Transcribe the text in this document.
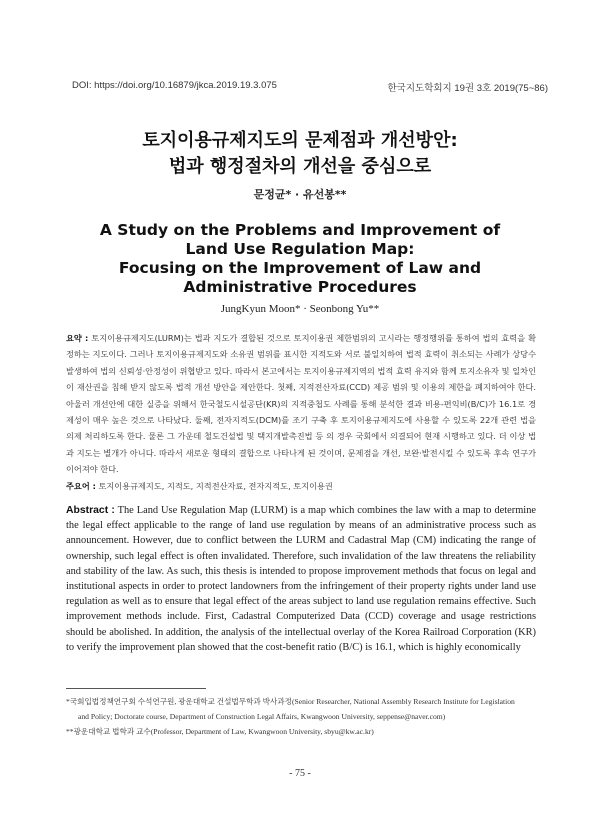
DOI: https://doi.org/10.16879/jkca.2019.19.3.075	한국지도학회지 19권 3호 2019(75~86)
토지이용규제지도의 문제점과 개선방안:
법과 행정절차의 개선을 중심으로
문정균* · 유선봉**
A Study on the Problems and Improvement of
Land Use Regulation Map:
Focusing on the Improvement of Law and
Administrative Procedures
JungKyun Moon* · Seonbong Yu**
요약 : 토지이용규제지도(LURM)는 법과 지도가 결합된 것으로 토지이용권 제한범위의 고시라는 행정행위를 통하여 법의 효력을 확정하는 지도이다. 그러나 토지이용규제지도와 소유권 범위를 표시한 지적도와 서로 불일치하여 법적 효력이 취소되는 사례가 상당수 발생하여 법의 신뢰성·안정성이 위협받고 있다. 따라서 본고에서는 토지이용규제지역의 법적 효력 유지와 함께 토지소유자 및 일차인이 재산권을 침해 받지 않도록 법적 개선 방안을 제안한다. 첫째, 지적전산자료(CCD) 제공 범위 및 이용의 제한을 폐지하여야 한다. 아울러 개선안에 대한 실증을 위해서 한국철도시설공단(KR)의 지적중첩도 사례를 통해 분석한 결과 비용-편익비(B/C)가 16.1로 경제성이 매우 높은 것으로 나타났다. 둘째, 전자지적도(DCM)를 조기 구축 후 토지이용규제지도에 사용할 수 있도록 22개 관련 법을 의제 처리하도록 한다. 물론 그 가운데 철도건설법 및 택지개발촉진법 등 의 경우 국회에서 의결되어 현재 시행하고 있다. 더 이상 법과 지도는 별개가 아니다. 따라서 새로운 형태의 결합으로 나타나게 된 것이며, 문제점을 개선, 보완·발전시킬 수 있도록 후속 연구가 이어져야 한다.
주요어 : 토지이용규제지도, 지적도, 지적전산자료, 전자지적도, 토지이용권
Abstract : The Land Use Regulation Map (LURM) is a map which combines the law with a map to determine the legal effect applicable to the range of land use regulation by means of an administrative process such as announcement. However, due to conflict between the LURM and Cadastral Map (CM) indicating the range of ownership, such legal effect is often invalidated. Therefore, such invalidation of the law threatens the reliability and stability of the law. As such, this thesis is intended to propose improvement methods that focus on legal and institutional aspects in order to protect landowners from the infringement of their property rights under land use regulation as well as to ensure that legal effect of the areas subject to land use regulation remains effective. Such improvement methods include. First, Cadastral Computerized Data (CCD) coverage and usage restrictions should be abolished. In addition, the analysis of the intellectual overlay of the Korea Railroad Corporation (KR) to verify the improvement plan showed that the cost-benefit ratio (B/C) is 16.1, which is highly economically

*국회입법정책연구회 수석연구원, 광운대학교 건설법무학과 박사과정(Senior Researcher, National Assembly Research Institute for Legislation
and Policy; Doctorate course, Department of Construction Legal Affairs, Kwangwoon University, seppense@naver.com)

**광운대학교 법학과 교수(Professor, Department of Law, Kwangwoon University, sbyu@kw.ac.kr)

- 75 -
